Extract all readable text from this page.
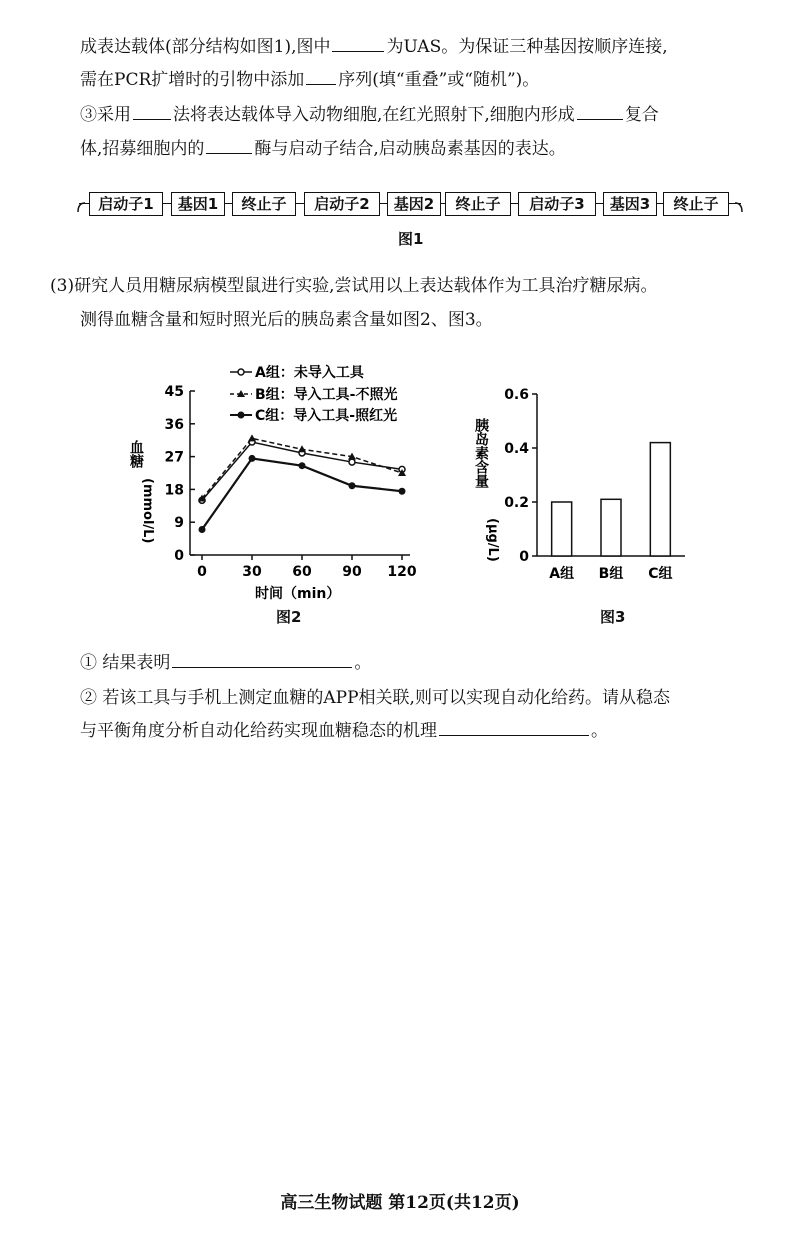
成表达载体(部分结构如图1),图中	为UAS。为保证三种基因按顺序连接,
需在PCR扩增时的引物中添加 序列(填“重叠”或“随机”)。
③采用 法将表达载体导入动物细胞,在红光照射下,细胞内形成	复合
体,招募细胞内的	酶与启动子结合,启动胰岛素基因的表达。
启动子1	基因1	终止子	启动子2	基因2	终止子	启动子3	基因3	终止子
图1
(3)研究人员用糖尿病模型鼠进行实验,尝试用以上表达载体作为工具治疗糖尿病。
测得血糖含量和短时照光后的胰岛素含量如图2、图3。
A组：未导入工具
B组：导入工具-不照光
C组：导入工具-照红光
血糖
(mmol/L)
时间（min）
0
9
18
27
36
45
0	30 60 90 120
图2
胰岛素含量
(μg/L) 0
0.2
0.4
0.6
A组 B组 C组
图3
① 结果表明	。
② 若该工具与手机上测定血糖的APP相关联,则可以实现自动化给药。请从稳态
与平衡角度分析自动化给药实现血糖稳态的机理	。
高三生物试题 第12页(共12页)
